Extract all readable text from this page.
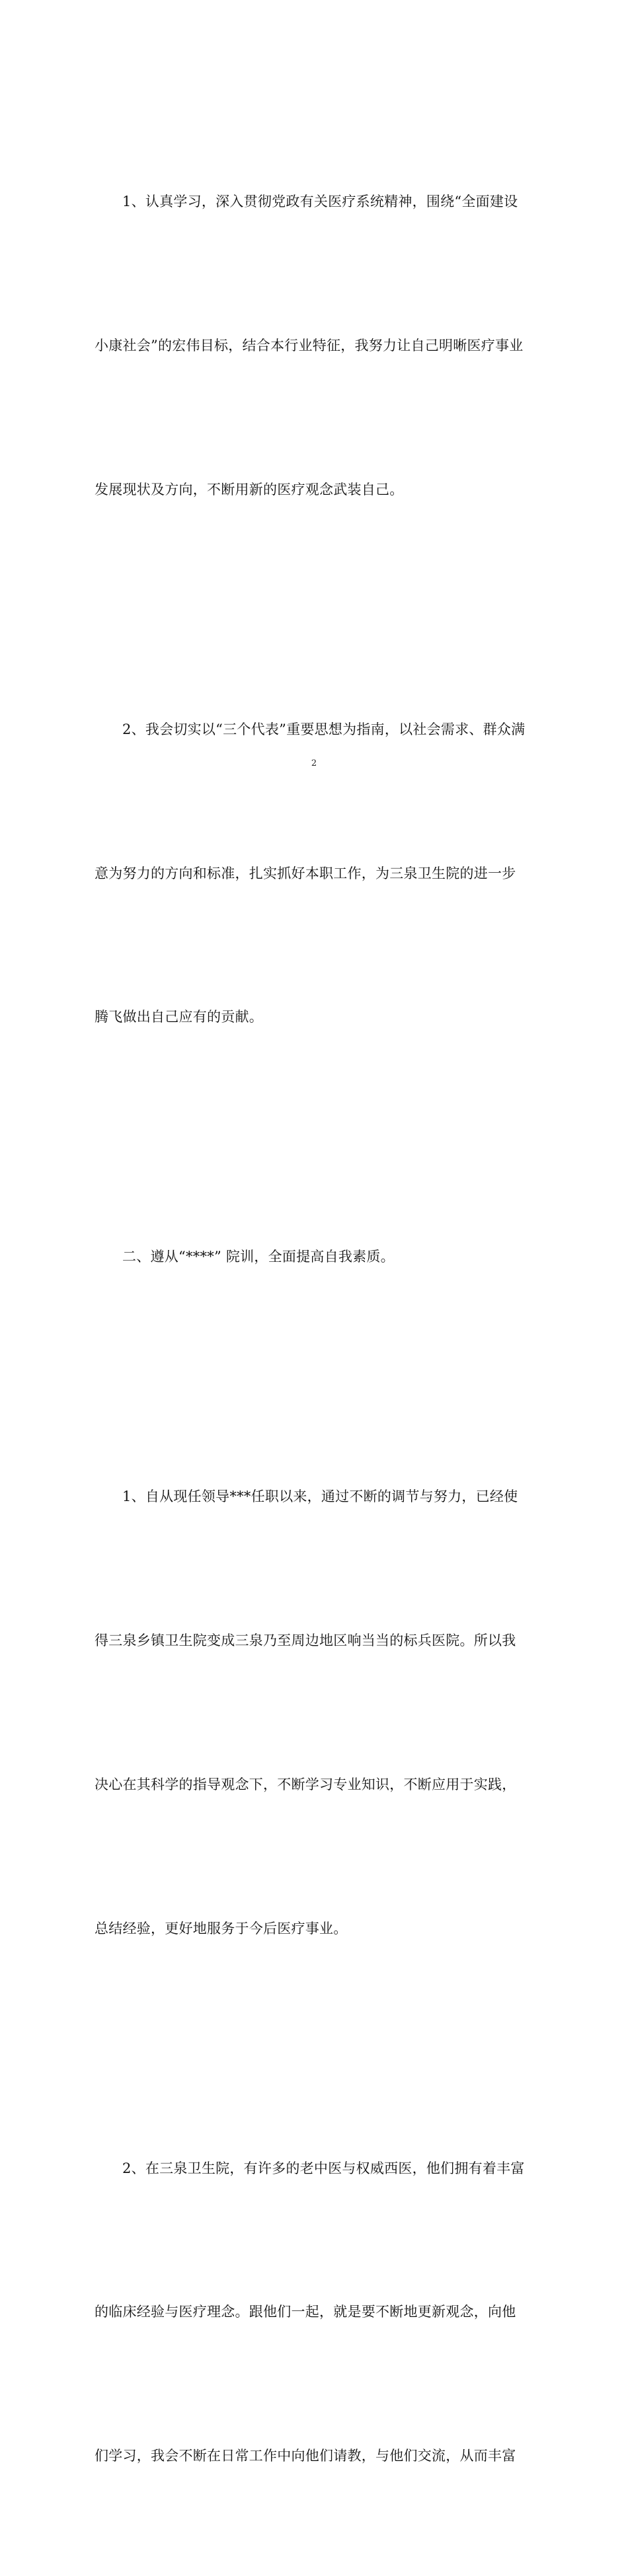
1、认真学习，深入贯彻党政有关医疗系统精神，围绕“全面建设

小康社会”的宏伟目标，结合本行业特征，我努力让自己明晰医疗事业

发展现状及方向，不断用新的医疗观念武装自己。

2、我会切实以“三个代表”重要思想为指南，以社会需求、群众满

意为努力的方向和标准，扎实抓好本职工作，为三泉卫生院的进一步

腾飞做出自己应有的贡献。

二、遵从“****” 院训，全面提高自我素质。

1、自从现任领导***任职以来，通过不断的调节与努力，已经使

得三泉乡镇卫生院变成三泉乃至周边地区响当当的标兵医院。所以我

决心在其科学的指导观念下，不断学习专业知识，不断应用于实践，

总结经验，更好地服务于今后医疗事业。

2、在三泉卫生院，有许多的老中医与权威西医，他们拥有着丰富

的临床经验与医疗理念。跟他们一起，就是要不断地更新观念，向他

们学习，我会不断在日常工作中向他们请教，与他们交流，从而丰富

2
